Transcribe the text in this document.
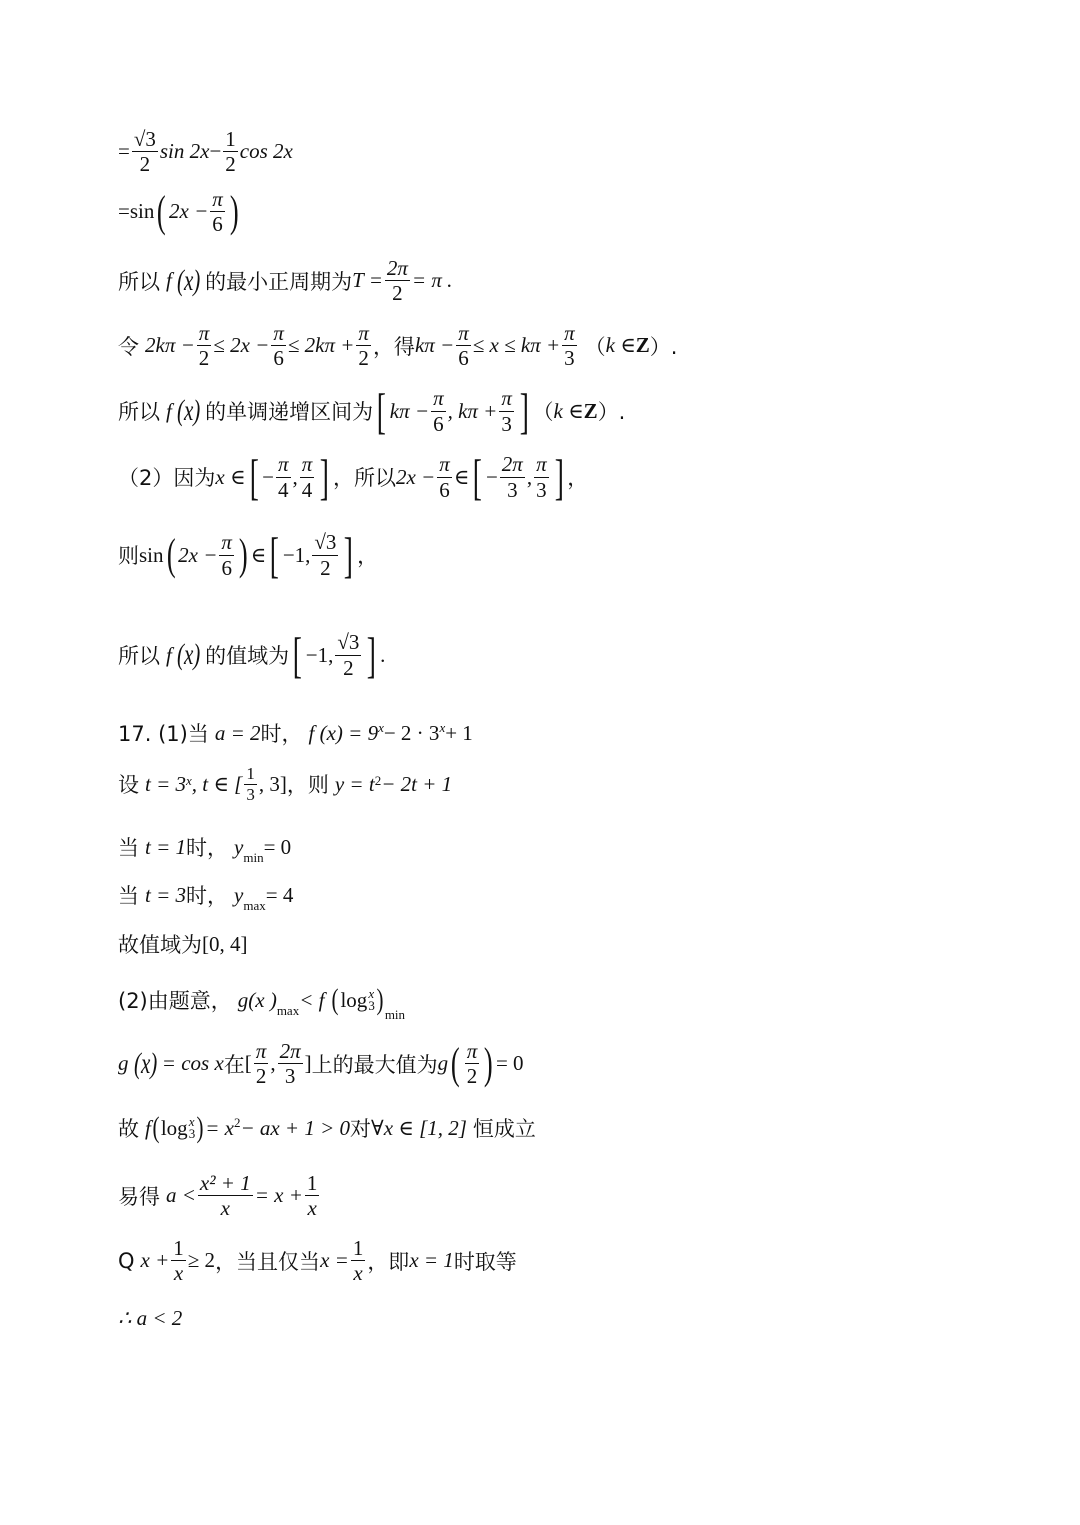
= $\frac{√3}{2}$ $\sin 2x - \frac{1}{2}$ cos 2x
= sin ( $2x - \frac{\pi}{6}$ )
所以 f (x) 的最小正周期为 $T = \frac{2\pi}{2} = \pi$ .
令 $2k\pi - \frac{\pi}{2} \le 2x - \frac{\pi}{6} \le 2k\pi + \frac{\pi}{2}$ ，得 $k\pi - \frac{\pi}{6} \le x \le k\pi + \frac{\pi}{3}$ （ k ∈ Z ）.
所以 f (x) 的单调递增区间为 [ $k\pi - \frac{\pi}{6}$ , $k\pi + \frac{\pi}{3}$ ] （ k ∈ Z ）.
（2）因为 x ∈ [ − $\frac{\pi}{4}$ , $\frac{\pi}{4}$ ] ，所以 $2x - \frac{\pi}{6}$ ∈ [ − $\frac{2\pi}{3}$ , $\frac{\pi}{3}$ ] ，
则 sin ( $2x - \frac{\pi}{6}$ ) ∈ [ −1, $\frac{√3}{2}$ ] ，
所以 f (x) 的值域为 [ −1, $\frac{√3}{2}$ ] .
17. (1)当 a = 2 时， f $(x) = 9^x - 2 \cdot 3^x + 1$
设 t = 3 x , t ∈ [ $\frac{1}{3}$ , 3] ，则 y = t 2 − 2t + 1
当 t = 1 时， $y_{min} = 0$
当 t = 3 时， $y_{max} = 4$
故值域为 [0, 4]
(2)由题意， g(x )$_{max} < f$ ( log x
3 )$_{min}$
g (x) = cos x 在 [ $\frac{\pi}{2}$ , $\frac{2\pi}{3}$ ] 上的最大值为 g ( $\frac{\pi}{2}$ ) = 0
故 f ( log x
3 ) = $x^2$ − ax + 1 > 0 对 ∀x ∈ [1, 2] 恒成立
易得 $a < \frac{\text{x² + 1}}{x} = x + \frac{1}{x}$
Q $x + \frac{1}{x} \ge 2$ ，当且仅当 $x = \frac{1}{x}$ ，即 x = 1 时取等
∴ a < 2
